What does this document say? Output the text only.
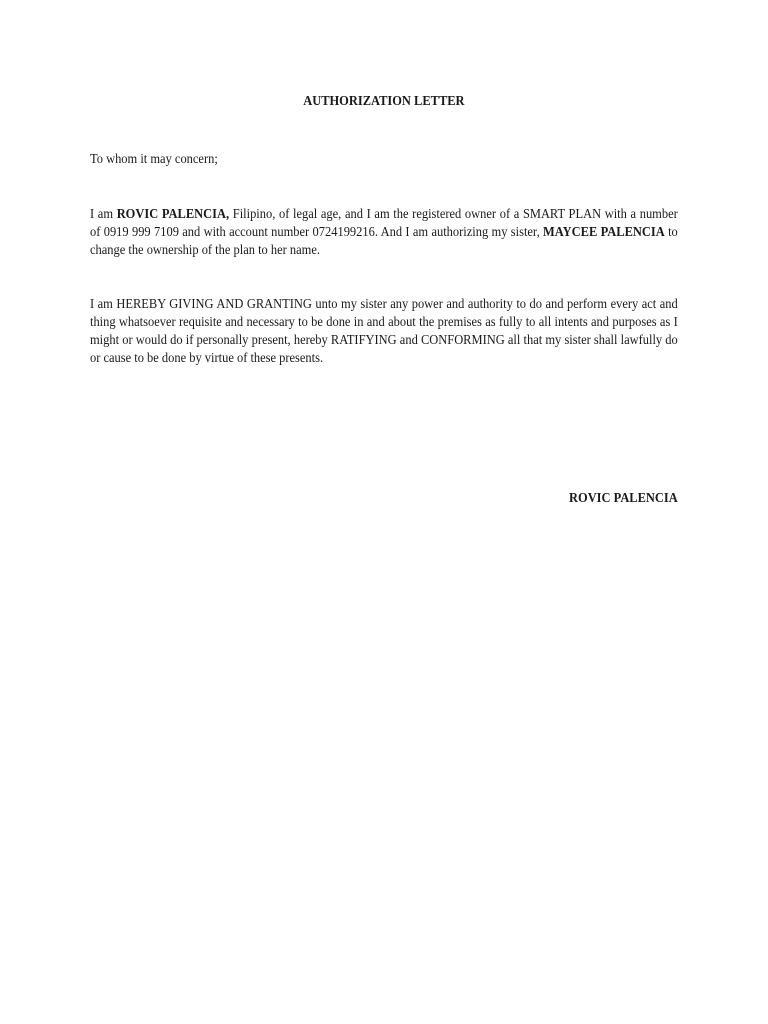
AUTHORIZATION LETTER

To whom it may concern;

I am ROVIC PALENCIA, Filipino, of legal age, and I am the registered owner of a SMART PLAN with a number of 0919 999 7109 and with account number 0724199216. And I am authorizing my sister, MAYCEE PALENCIA to change the ownership of the plan to her name.

I am HEREBY GIVING AND GRANTING unto my sister any power and authority to do and perform every act and thing whatsoever requisite and necessary to be done in and about the premises as fully to all intents and purposes as I might or would do if personally present, hereby RATIFYING and CONFORMING all that my sister shall lawfully do or cause to be done by virtue of these presents.

ROVIC PALENCIA
